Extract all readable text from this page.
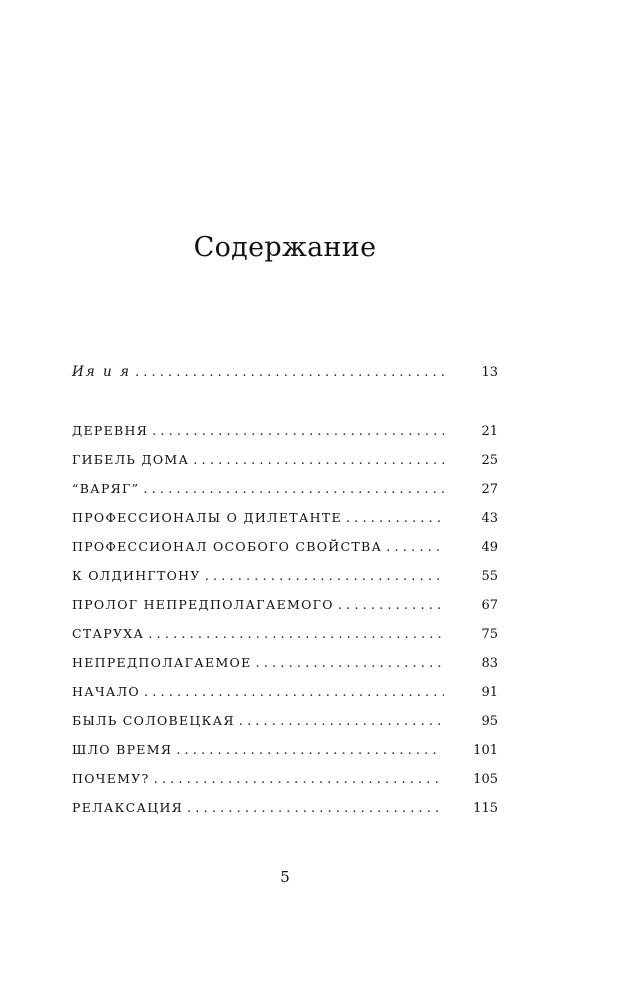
Содержание
Ия и я . . .	13
ДЕРЕВНЯ . . .	21
ГИБЕЛЬ ДОМА . . .	25
“ВАРЯГ” . . .	27
ПРОФЕССИОНАЛЫ О ДИЛЕТАНТЕ . . .	43
ПРОФЕССИОНАЛ ОСОБОГО СВОЙСТВА . . .	49
К ОЛДИНГТОНУ . . .	55
ПРОЛОГ НЕПРЕДПОЛАГАЕМОГО . . .	67
СТАРУХА . . .	75
НЕПРЕДПОЛАГАЕМОЕ . . .	83
НАЧАЛО . . .	91
БЫЛЬ СОЛОВЕЦКАЯ . . .	95
ШЛО ВРЕМЯ . . .	101
ПОЧЕМУ? . . .	105
РЕЛАКСАЦИЯ . . .	115
5
